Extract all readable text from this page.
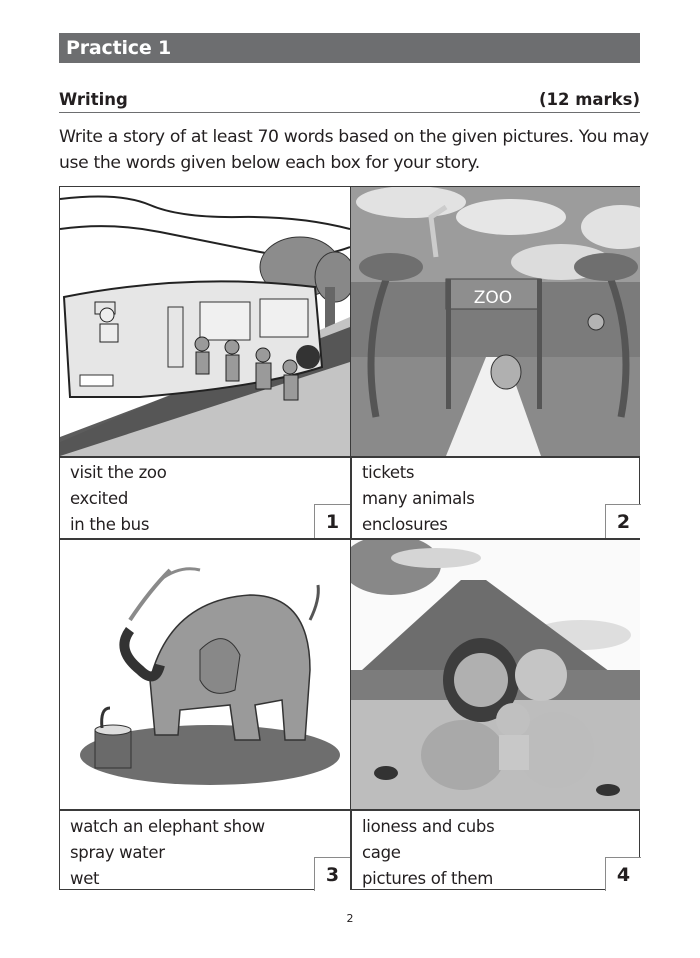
Practice 1
Writing	(12 marks)
Write a story of at least 70 words based on the given pictures. You may use the words given below each box for your story.
visit the zoo
excited
in the bus	1
ZOO
tickets
many animals
enclosures	2
watch an elephant show
spray water
wet	3
lioness and cubs
cage
pictures of them	4
2
